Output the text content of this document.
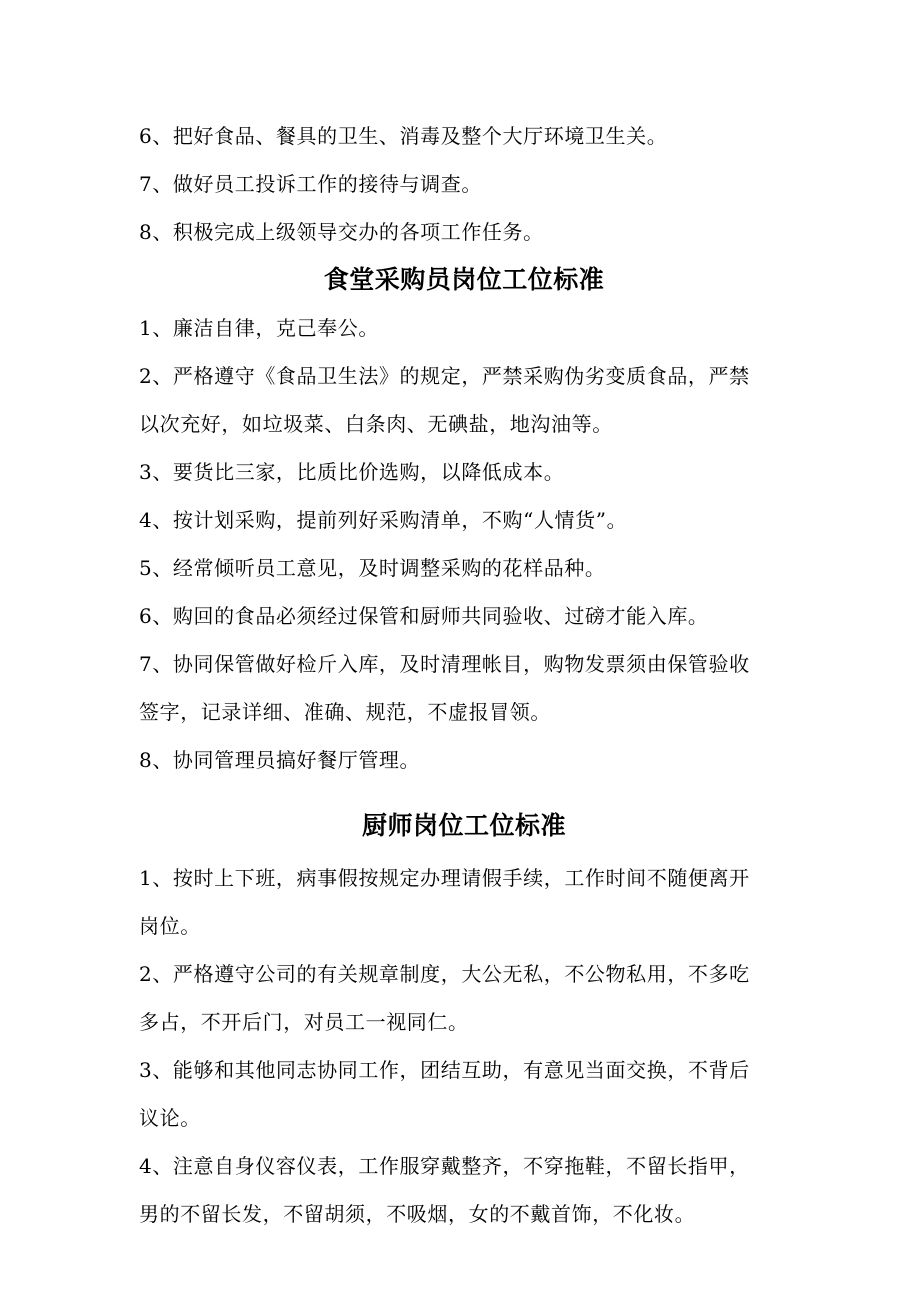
6、把好食品、餐具的卫生、消毒及整个大厅环境卫生关。
7、做好员工投诉工作的接待与调查。
8、积极完成上级领导交办的各项工作任务。
食堂采购员岗位工位标准
1、廉洁自律，克己奉公。
2、严格遵守《食品卫生法》的规定，严禁采购伪劣变质食品，严禁
以次充好，如垃圾菜、白条肉、无碘盐，地沟油等。
3、要货比三家，比质比价选购，以降低成本。
4、按计划采购，提前列好采购清单，不购“人情货”。
5、经常倾听员工意见，及时调整采购的花样品种。
6、购回的食品必须经过保管和厨师共同验收、过磅才能入库。
7、协同保管做好检斤入库，及时清理帐目，购物发票须由保管验收
签字，记录详细、准确、规范，不虚报冒领。
8、协同管理员搞好餐厅管理。
厨师岗位工位标准
1、按时上下班，病事假按规定办理请假手续，工作时间不随便离开
岗位。
2、严格遵守公司的有关规章制度，大公无私，不公物私用，不多吃
多占，不开后门，对员工一视同仁。
3、能够和其他同志协同工作，团结互助，有意见当面交换，不背后
议论。
4、注意自身仪容仪表，工作服穿戴整齐，不穿拖鞋，不留长指甲，
男的不留长发，不留胡须，不吸烟，女的不戴首饰，不化妆。
